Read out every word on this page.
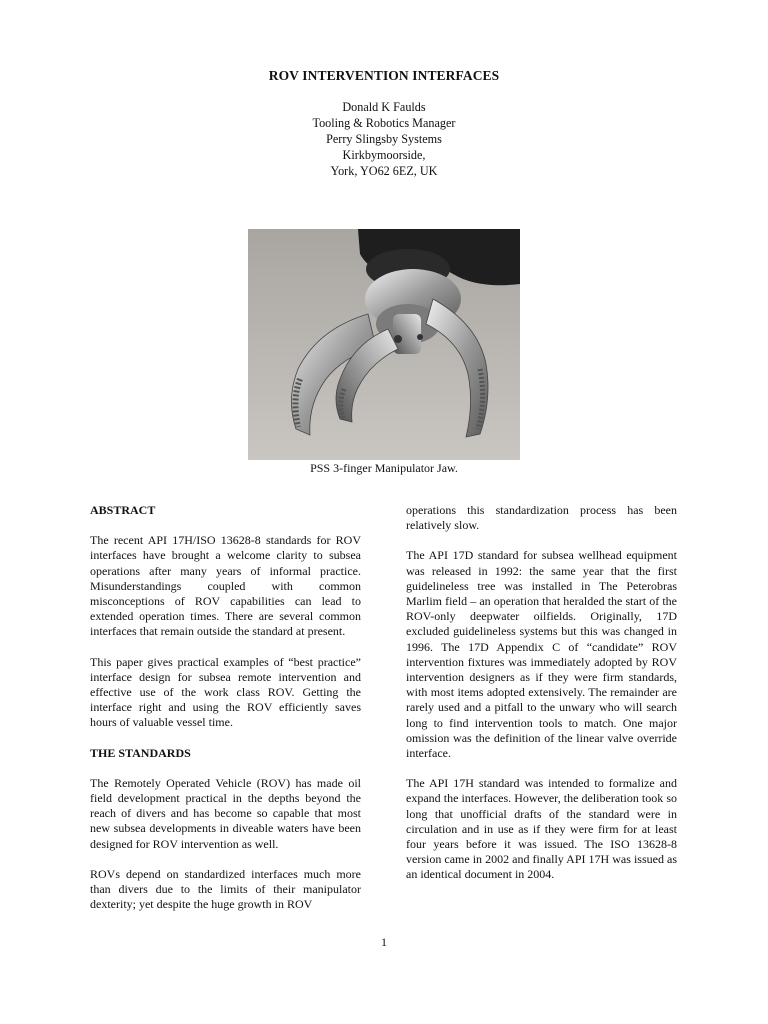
ROV INTERVENTION INTERFACES
Donald K Faulds
Tooling & Robotics Manager
Perry Slingsby Systems
Kirkbymoorside,
York, YO62 6EZ, UK
PSS 3-finger Manipulator Jaw.
ABSTRACT

The recent API 17H/ISO 13628-8 standards for ROV interfaces have brought a welcome clarity to subsea operations after many years of informal practice. Misunderstandings coupled with common misconceptions of ROV capabilities can lead to extended operation times. There are several common interfaces that remain outside the standard at present.

This paper gives practical examples of “best practice” interface design for subsea remote intervention and effective use of the work class ROV. Getting the interface right and using the ROV efficiently saves hours of valuable vessel time.

THE STANDARDS

The Remotely Operated Vehicle (ROV) has made oil field development practical in the depths beyond the reach of divers and has become so capable that most new subsea developments in diveable waters have been designed for ROV intervention as well.

ROVs depend on standardized interfaces much more than divers due to the limits of their manipulator dexterity; yet despite the huge growth in ROV

operations this standardization process has been relatively slow.

The API 17D standard for subsea wellhead equipment was released in 1992: the same year that the first guidelineless tree was installed in The Peterobras Marlim field – an operation that heralded the start of the ROV-only deepwater oilfields. Originally, 17D excluded guidelineless systems but this was changed in 1996. The 17D Appendix C of “candidate” ROV intervention fixtures was immediately adopted by ROV intervention designers as if they were firm standards, with most items adopted extensively. The remainder are rarely used and a pitfall to the unwary who will search long to find intervention tools to match. One major omission was the definition of the linear valve override interface.

The API 17H standard was intended to formalize and expand the interfaces. However, the deliberation took so long that unofficial drafts of the standard were in circulation and in use as if they were firm for at least four years before it was issued. The ISO 13628-8 version came in 2002 and finally API 17H was issued as an identical document in 2004.

1
